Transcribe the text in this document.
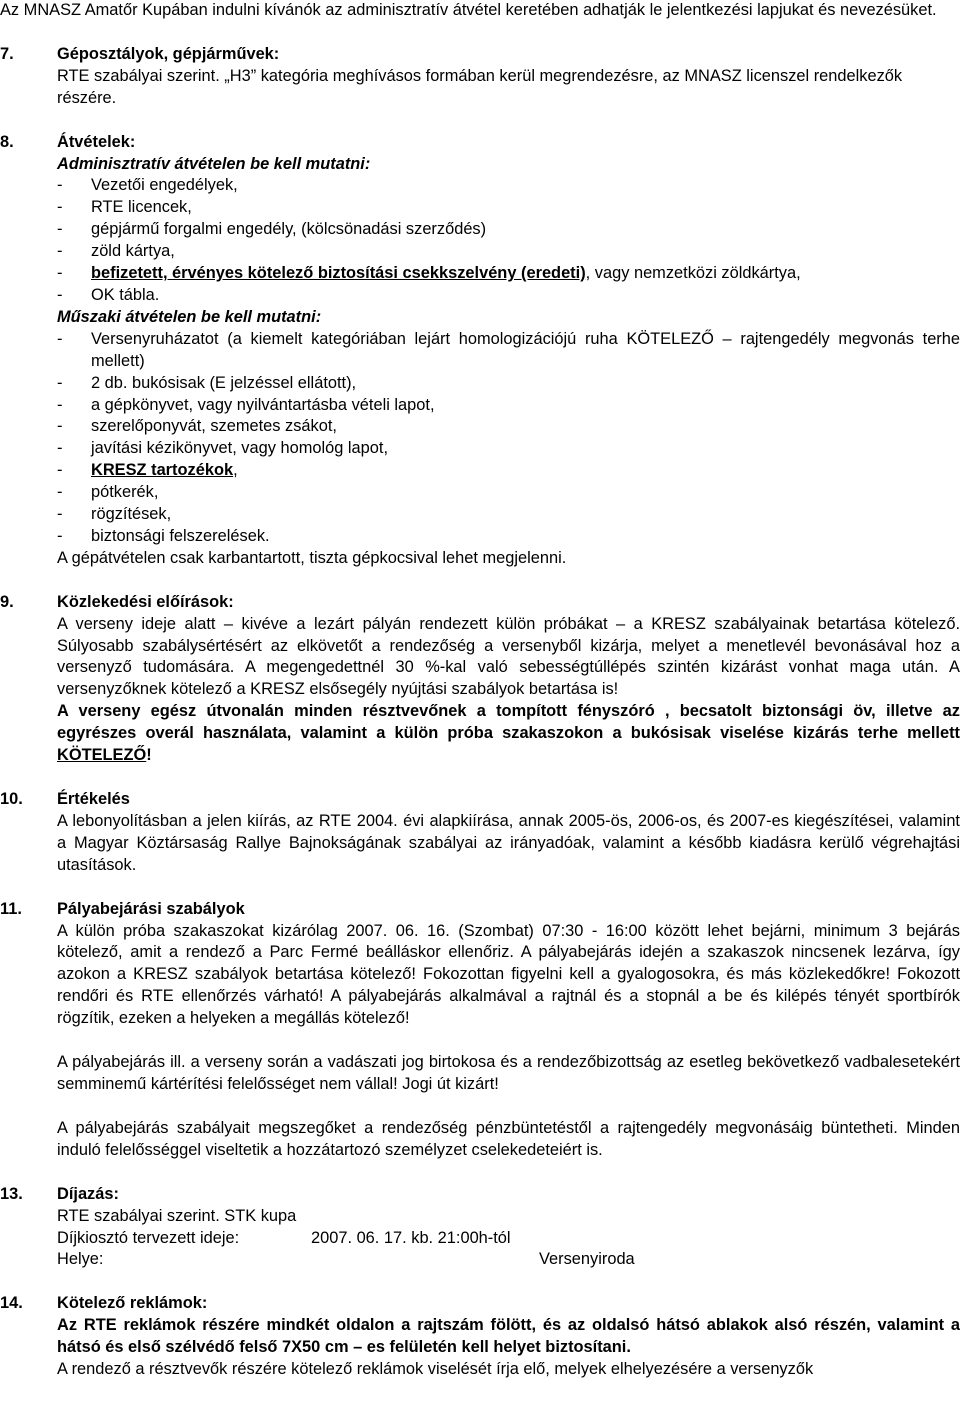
Az MNASZ Amatőr Kupában indulni kívánók az adminisztratív átvétel keretében adhatják le jelentkezési lapjukat és nevezésüket.

7.	Géposztályok, gépjárművek:
RTE szabályai szerint. „H3” kategória meghívásos formában kerül megrendezésre, az MNASZ licenszel rendelkezők részére.
8.	Átvételek:
Adminisztratív átvételen be kell mutatni:
- Vezetői engedélyek,
- RTE licencek,
- gépjármű forgalmi engedély, (kölcsönadási szerződés)
- zöld kártya,
- befizetett, érvényes kötelező biztosítási csekkszelvény (eredeti), vagy nemzetközi zöldkártya,
- OK tábla.
Műszaki átvételen be kell mutatni:
- Versenyruházatot (a kiemelt kategóriában lejárt homologizációjú ruha KÖTELEZŐ – rajtengedély megvonás terhe mellett)
- 2 db. bukósisak (E jelzéssel ellátott),
- a gépkönyvet, vagy nyilvántartásba vételi lapot,
- szerelőponyvát, szemetes zsákot,
- javítási kézikönyvet, vagy homológ lapot,
- KRESZ tartozékok,
- pótkerék,
- rögzítések,
- biztonsági felszerelések.
A gépátvételen csak karbantartott, tiszta gépkocsival lehet megjelenni.
9.	Közlekedési előírások:
A verseny ideje alatt – kivéve a lezárt pályán rendezett külön próbákat – a KRESZ szabályainak betartása kötelező. Súlyosabb szabálysértésért az elkövetőt a rendezőség a versenyből kizárja, melyet a menetlevél bevonásával hoz a versenyző tudomására. A megengedettnél 30 %-kal való sebességtúllépés szintén kizárást vonhat maga után. A versenyzőknek kötelező a KRESZ elsősegély nyújtási szabályok betartása is!
A verseny egész útvonalán minden résztvevőnek a tompított fényszóró , becsatolt biztonsági öv, illetve az egyrészes overál használata, valamint a külön próba szakaszokon a bukósisak viselése kizárás terhe mellett KÖTELEZŐ!
10. Értékelés
A lebonyolításban a jelen kiírás, az RTE 2004. évi alapkiírása, annak 2005-ös, 2006-os, és 2007-es kiegészítései, valamint a Magyar Köztársaság Rallye Bajnokságának szabályai az irányadóak, valamint a később kiadásra kerülő végrehajtási utasítások.
11. Pályabejárási szabályok
A külön próba szakaszokat kizárólag 2007. 06. 16. (Szombat) 07:30 - 16:00 között lehet bejárni, minimum 3 bejárás kötelező, amit a rendező a Parc Fermé beálláskor ellenőriz. A pályabejárás idején a szakaszok nincsenek lezárva, így azokon a KRESZ szabályok betartása kötelező! Fokozottan figyelni kell a gyalogosokra, és más közlekedőkre! Fokozott rendőri és RTE ellenőrzés várható! A pályabejárás alkalmával a rajtnál és a stopnál a be és kilépés tényét sportbírók rögzítik, ezeken a helyeken a megállás kötelező!
A pályabejárás ill. a verseny során a vadászati jog birtokosa és a rendezőbizottság az esetleg bekövetkező vadbalesetekért semminemű kártérítési felelősséget nem vállal! Jogi út kizárt!
A pályabejárás szabályait megszegőket a rendezőség pénzbüntetéstől a rajtengedély megvonásáig büntetheti. Minden induló felelősséggel viseltetik a hozzátartozó személyzet cselekedeteiért is.
13. Díjazás:
RTE szabályai szerint. STK kupa
Díjkiosztó tervezett ideje:	2007. 06. 17. kb. 21:00h-tól
Helye:	Versenyiroda
14. Kötelező reklámok:
Az RTE reklámok részére mindkét oldalon a rajtszám fölött, és az oldalsó hátsó ablakok alsó részén, valamint a hátsó és első szélvédő felső 7X50 cm – es felületén kell helyet biztosítani.
A rendező a résztvevők részére kötelező reklámok viselését írja elő, melyek elhelyezésére a versenyzők
